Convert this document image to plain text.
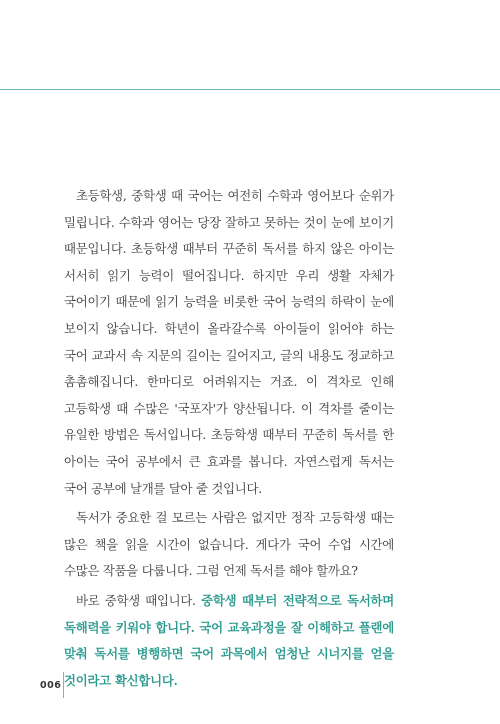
초등학생, 중학생 때 국어는 여전히 수학과 영어보다 순위가 밀립니다. 수학과 영어는 당장 잘하고 못하는 것이 눈에 보이기 때문입니다. 초등학생 때부터 꾸준히 독서를 하지 않은 아이는 서서히 읽기 능력이 떨어집니다. 하지만 우리 생활 자체가 국어이기 때문에 읽기 능력을 비롯한 국어 능력의 하락이 눈에 보이지 않습니다. 학년이 올라갈수록 아이들이 읽어야 하는 국어 교과서 속 지문의 길이는 길어지고, 글의 내용도 정교하고 촘촘해집니다. 한마디로 어려워지는 거죠. 이 격차로 인해 고등학생 때 수많은 '국포자'가 양산됩니다. 이 격차를 줄이는 유일한 방법은 독서입니다. 초등학생 때부터 꾸준히 독서를 한 아이는 국어 공부에서 큰 효과를 봅니다. 자연스럽게 독서는 국어 공부에 날개를 달아 줄 것입니다.

독서가 중요한 걸 모르는 사람은 없지만 정작 고등학생 때는 많은 책을 읽을 시간이 없습니다. 게다가 국어 수업 시간에 수많은 작품을 다룹니다. 그럼 언제 독서를 해야 할까요?

바로 중학생 때입니다. 중학생 때부터 전략적으로 독서하며 독해력을 키워야 합니다. 국어 교육과정을 잘 이해하고 플랜에 맞춰 독서를 병행하면 국어 과목에서 엄청난 시너지를 얻을 것이라고 확신합니다.

006
